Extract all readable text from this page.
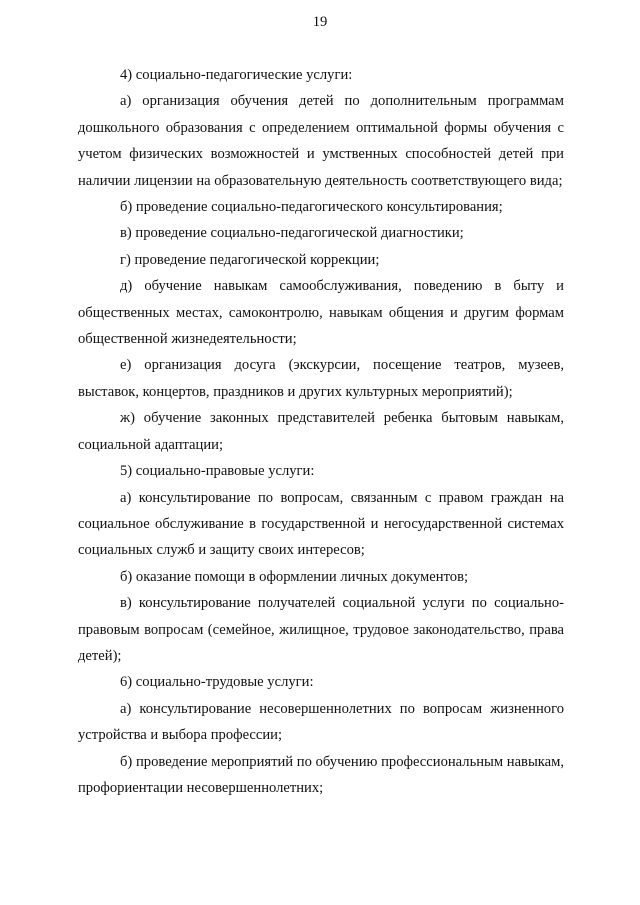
19

4) социально-педагогические услуги:

а) организация обучения детей по дополнительным программам дошкольного образования с определением оптимальной формы обучения с учетом физических возможностей и умственных способностей детей при наличии лицензии на образовательную деятельность соответствующего вида;

б) проведение социально-педагогического консультирования;

в) проведение социально-педагогической диагностики;

г) проведение педагогической коррекции;

д) обучение навыкам самообслуживания, поведению в быту и общественных местах, самоконтролю, навыкам общения и другим формам общественной жизнедеятельности;

е) организация досуга (экскурсии, посещение театров, музеев, выставок, концертов, праздников и других культурных мероприятий);

ж) обучение законных представителей ребенка бытовым навыкам, социальной адаптации;

5) социально-правовые услуги:

а) консультирование по вопросам, связанным с правом граждан на социальное обслуживание в государственной и негосударственной системах социальных служб и защиту своих интересов;

б) оказание помощи в оформлении личных документов;

в) консультирование получателей социальной услуги по социально-правовым вопросам (семейное, жилищное, трудовое законодательство, права детей);

6) социально-трудовые услуги:

а) консультирование несовершеннолетних по вопросам жизненного устройства и выбора профессии;

б) проведение мероприятий по обучению профессиональным навыкам, профориентации несовершеннолетних;
